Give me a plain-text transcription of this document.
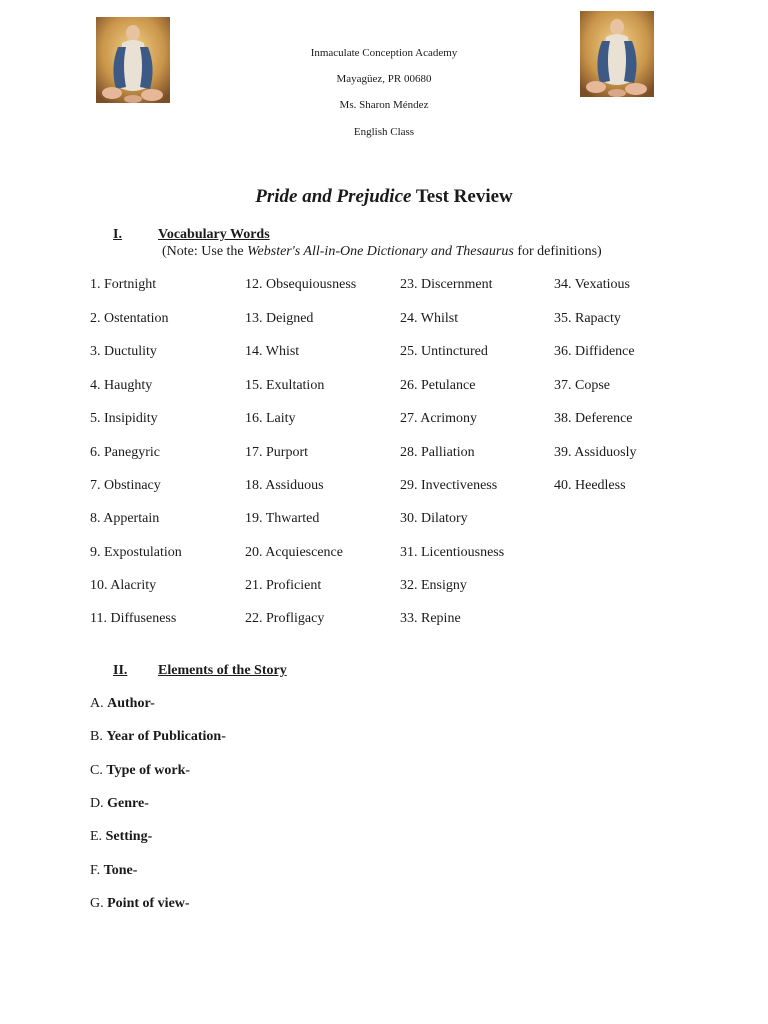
Inmaculate Conception Academy
Mayagüez, PR 00680
Ms. Sharon Méndez
English Class
Pride and Prejudice Test Review
I.	Vocabulary Words
(Note: Use the Webster's All-in-One Dictionary and Thesaurus for definitions)
1. Fortnight
2. Ostentation
3. Ductulity
4. Haughty
5. Insipidity
6. Panegyric
7. Obstinacy
8. Appertain
9. Expostulation
10. Alacrity
11. Diffuseness
12. Obsequiousness
13. Deigned
14. Whist
15. Exultation
16. Laity
17. Purport
18. Assiduous
19. Thwarted
20. Acquiescence
21. Proficient
22. Profligacy
23. Discernment
24. Whilst
25. Untinctured
26. Petulance
27. Acrimony
28. Palliation
29. Invectiveness
30. Dilatory
31. Licentiousness
32. Ensigny
33. Repine
34. Vexatious
35. Rapacty
36. Diffidence
37. Copse
38. Deference
39. Assiduosly
40. Heedless
II. Elements of the Story
A. Author-
B. Year of Publication-
C. Type of work-
D. Genre-
E. Setting-
F. Tone-
G. Point of view-
